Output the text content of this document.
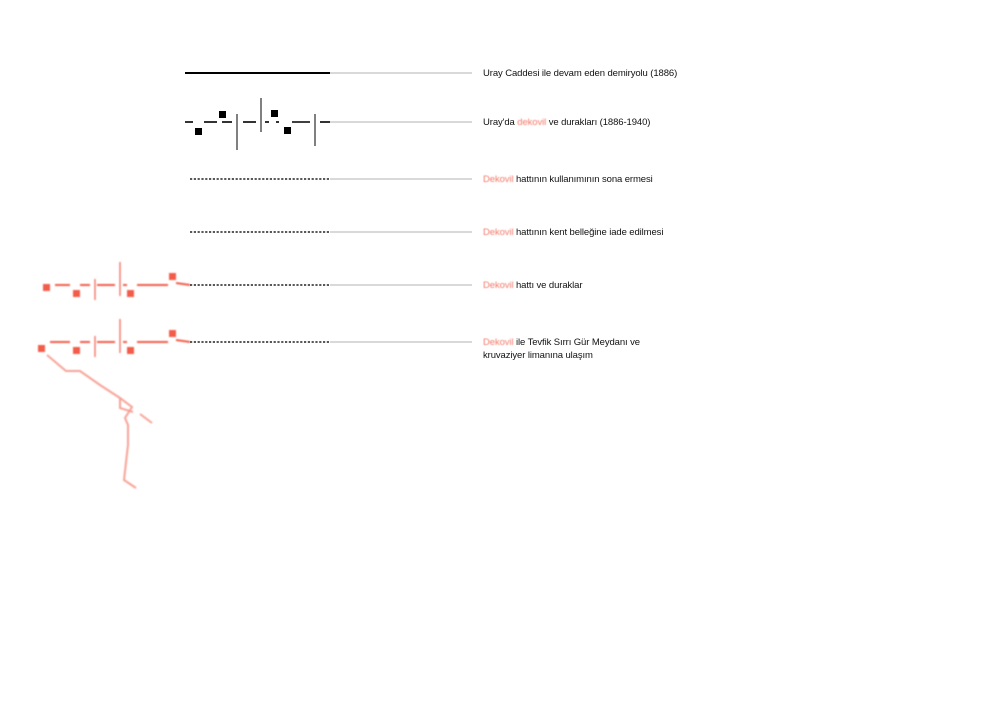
Uray Caddesi ile devam eden demiryolu (1886)
Uray'da dekovil ve durakları (1886-1940)
Dekovil hattının kullanımının sona ermesi
Dekovil hattının kent belleğine iade edilmesi
Dekovil hattı ve duraklar
Dekovil ile Tevfik Sırrı Gür Meydanı ve kruvaziyer limanına ulaşım
